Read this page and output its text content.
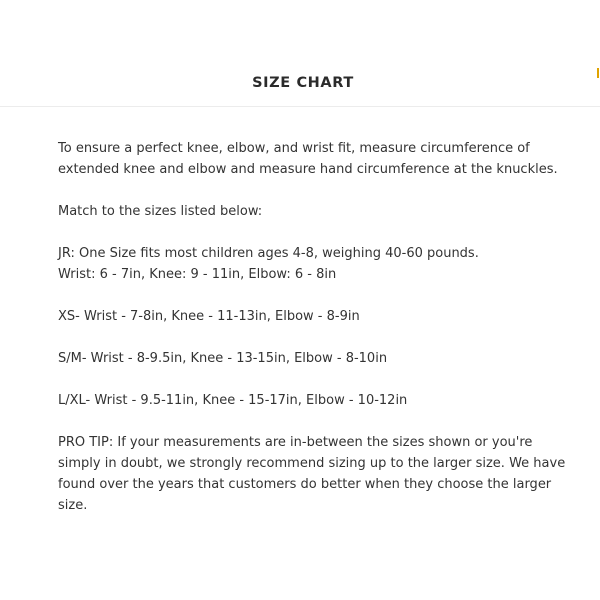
SIZE CHART

To ensure a perfect knee, elbow, and wrist fit, measure circumference of
extended knee and elbow and measure hand circumference at the knuckles.

Match to the sizes listed below:

JR: One Size fits most children ages 4-8, weighing 40-60 pounds.
Wrist: 6 - 7in, Knee: 9 - 11in, Elbow: 6 - 8in

XS- Wrist - 7-8in, Knee - 11-13in, Elbow - 8-9in

S/M- Wrist - 8-9.5in, Knee - 13-15in, Elbow - 8-10in

L/XL- Wrist - 9.5-11in, Knee - 15-17in, Elbow - 10-12in

PRO TIP: If your measurements are in-between the sizes shown or you're
simply in doubt, we strongly recommend sizing up to the larger size. We have
found over the years that customers do better when they choose the larger
size.
